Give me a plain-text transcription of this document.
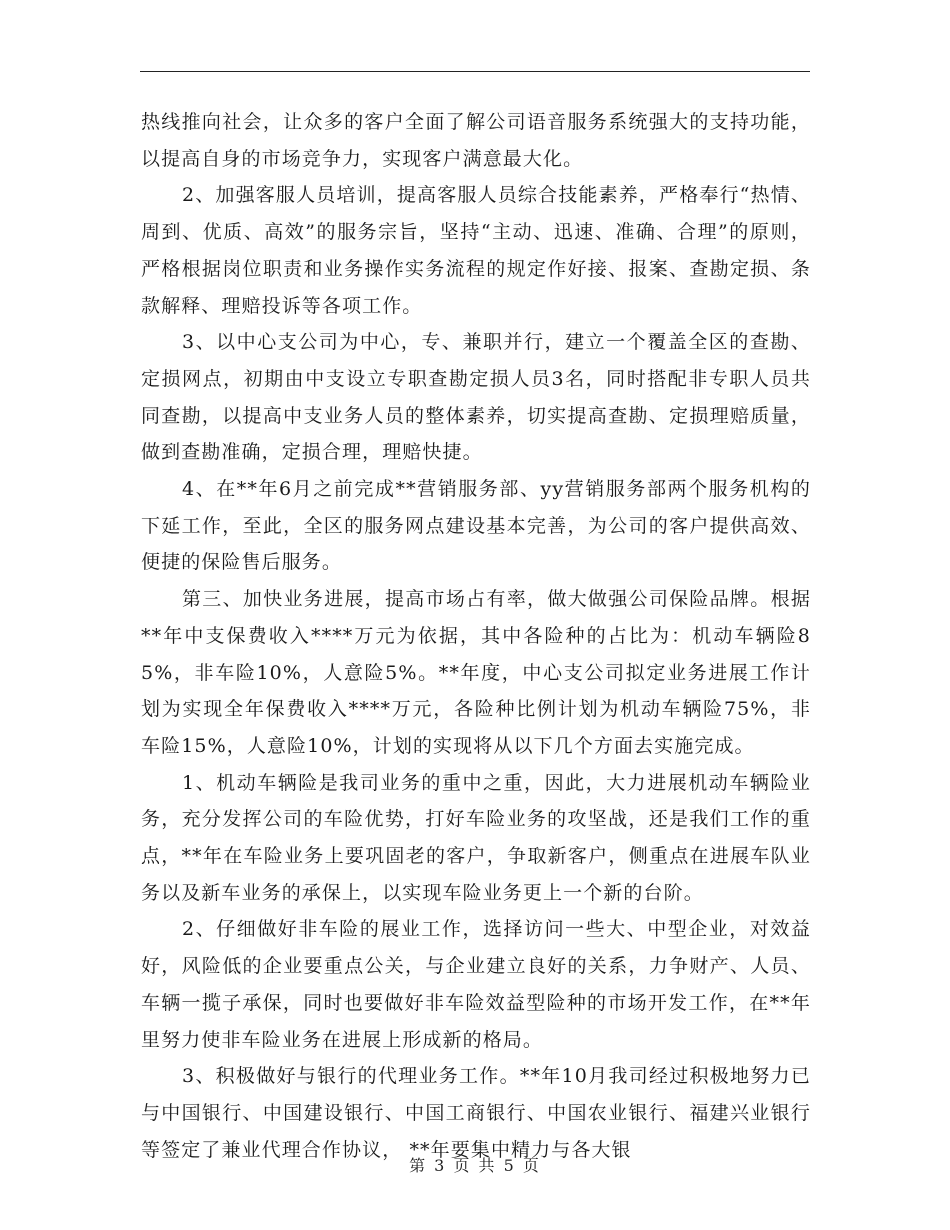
热线推向社会，让众多的客户全面了解公司语音服务系统强大的支持功能，以提高自身的市场竞争力，实现客户满意最大化。

2、加强客服人员培训，提高客服人员综合技能素养，严格奉行“热情、周到、优质、高效”的服务宗旨，坚持“主动、迅速、准确、合理”的原则，严格根据岗位职责和业务操作实务流程的规定作好接、报案、查勘定损、条款解释、理赔投诉等各项工作。

3、以中心支公司为中心，专、兼职并行，建立一个覆盖全区的查勘、定损网点，初期由中支设立专职查勘定损人员3名，同时搭配非专职人员共同查勘，以提高中支业务人员的整体素养，切实提高查勘、定损理赔质量，做到查勘准确，定损合理，理赔快捷。

4、在**年6月之前完成**营销服务部、yy营销服务部两个服务机构的下延工作，至此，全区的服务网点建设基本完善，为公司的客户提供高效、便捷的保险售后服务。

第三、加快业务进展，提高市场占有率，做大做强公司保险品牌。根据**年中支保费收入****万元为依据，其中各险种的占比为：机动车辆险85%，非车险10%，人意险5%。**年度，中心支公司拟定业务进展工作计划为实现全年保费收入****万元，各险种比例计划为机动车辆险75%，非车险15%，人意险10%，计划的实现将从以下几个方面去实施完成。

1、机动车辆险是我司业务的重中之重，因此，大力进展机动车辆险业务，充分发挥公司的车险优势，打好车险业务的攻坚战，还是我们工作的重点，**年在车险业务上要巩固老的客户，争取新客户，侧重点在进展车队业务以及新车业务的承保上，以实现车险业务更上一个新的台阶。

2、仔细做好非车险的展业工作，选择访问一些大、中型企业，对效益好，风险低的企业要重点公关，与企业建立良好的关系，力争财产、人员、车辆一揽子承保，同时也要做好非车险效益型险种的市场开发工作，在**年里努力使非车险业务在进展上形成新的格局。

3、积极做好与银行的代理业务工作。**年10月我司经过积极地努力已与中国银行、中国建设银行、中国工商银行、中国农业银行、福建兴业银行等签定了兼业代理合作协议， **年要集中精力与各大银

第 3 页 共 5 页
